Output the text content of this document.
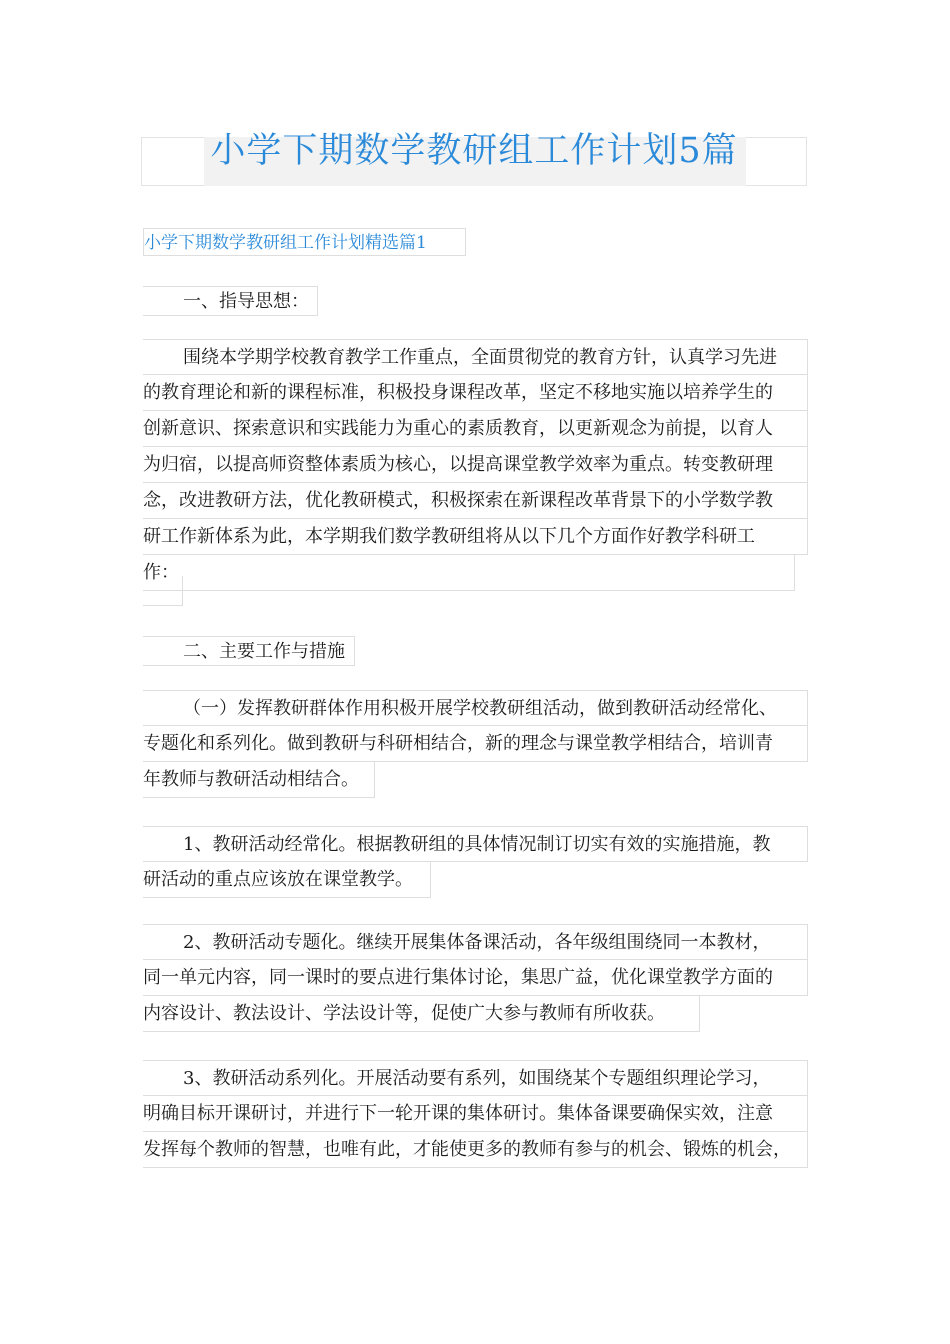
小学下期数学教研组工作计划5篇
小学下期数学教研组工作计划精选篇1
一、指导思想：
围绕本学期学校教育教学工作重点，全面贯彻党的教育方针，认真学习先进
的教育理论和新的课程标准，积极投身课程改革，坚定不移地实施以培养学生的
创新意识、探索意识和实践能力为重心的素质教育，以更新观念为前提，以育人
为归宿，以提高师资整体素质为核心，以提高课堂教学效率为重点。转变教研理
念，改进教研方法，优化教研模式，积极探索在新课程改革背景下的小学数学教
研工作新体系为此，本学期我们数学教研组将从以下几个方面作好教学科研工
作：
二、主要工作与措施
（一）发挥教研群体作用积极开展学校教研组活动，做到教研活动经常化、
专题化和系列化。做到教研与科研相结合，新的理念与课堂教学相结合，培训青
年教师与教研活动相结合。
1、教研活动经常化。根据教研组的具体情况制订切实有效的实施措施，教
研活动的重点应该放在课堂教学。
2、教研活动专题化。继续开展集体备课活动，各年级组围绕同一本教材，
同一单元内容，同一课时的要点进行集体讨论，集思广益，优化课堂教学方面的
内容设计、教法设计、学法设计等，促使广大参与教师有所收获。
3、教研活动系列化。开展活动要有系列，如围绕某个专题组织理论学习，
明确目标开课研讨，并进行下一轮开课的集体研讨。集体备课要确保实效，注意
发挥每个教师的智慧，也唯有此，才能使更多的教师有参与的机会、锻炼的机会，
